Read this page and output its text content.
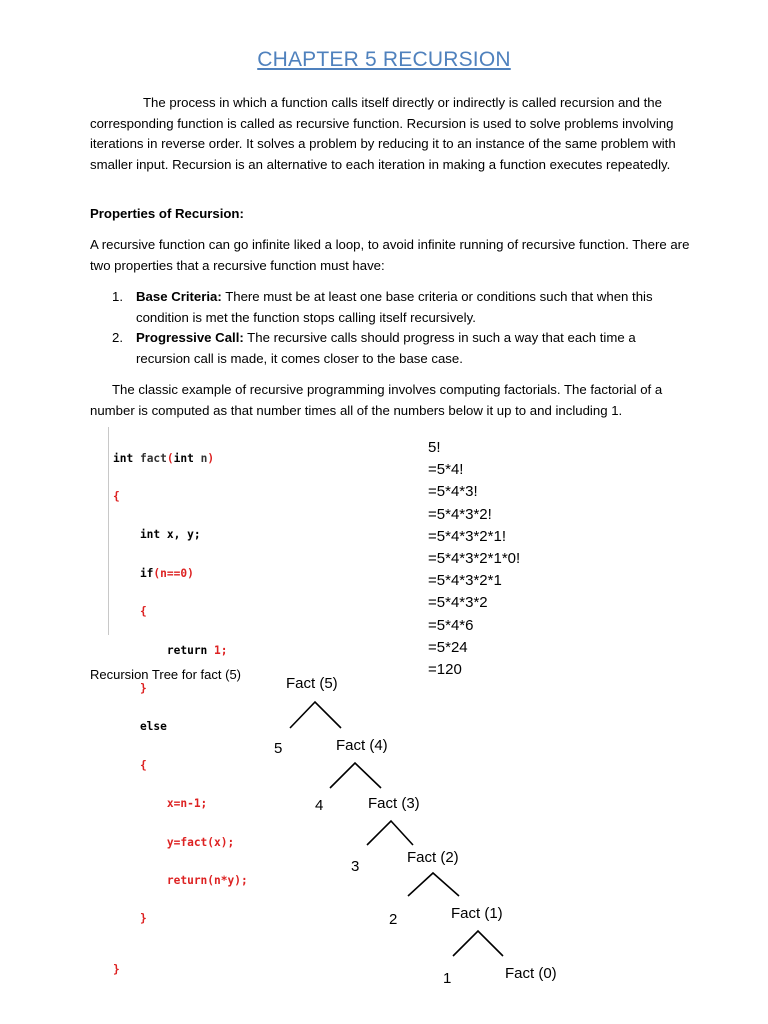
CHAPTER 5 RECURSION
The process in which a function calls itself directly or indirectly is called recursion and the corresponding function is called as recursive function. Recursion is used to solve problems involving iterations in reverse order. It solves a problem by reducing it to an instance of the same problem with smaller input. Recursion is an alternative to each iteration in making a function executes repeatedly.
Properties of Recursion:
A recursive function can go infinite liked a loop, to avoid infinite running of recursive function. There are two properties that a recursive function must have:
1. Base Criteria: There must be at least one base criteria or conditions such that when this condition is met the function stops calling itself recursively.
2. Progressive Call: The recursive calls should progress in such a way that each time a recursion call is made, it comes closer to the base case.
The classic example of recursive programming involves computing factorials. The factorial of a number is computed as that number times all of the numbers below it up to and including 1.

int fact(int n)

{

int x, y;

if(n==0)

{

return 1;

}

else

{

x=n-1;

y=fact(x);

return(n*y);

}

}

5!
=5*4!
=5*4*3!
=5*4*3*2!
=5*4*3*2*1!
=5*4*3*2*1*0!
=5*4*3*2*1
=5*4*3*2
=5*4*6
=5*24
=120
Recursion Tree for fact (5)
Fact (5)
5	Fact (4)
4	Fact (3)
3
Fact (2)
2	Fact (1)
1	Fact (0)
